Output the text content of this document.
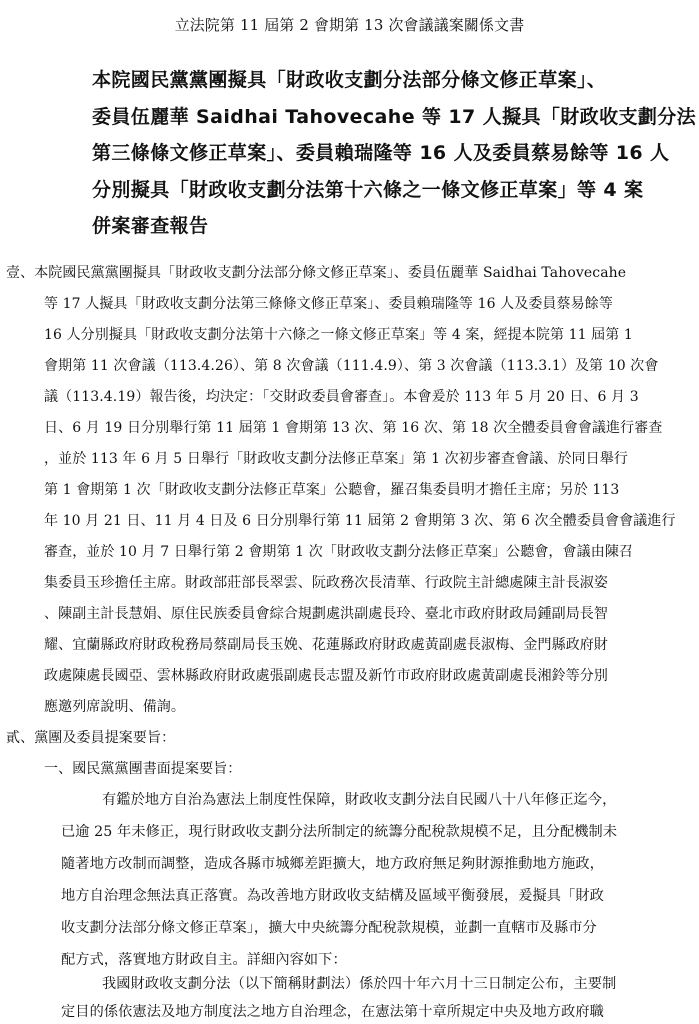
立法院第 11 屆第 2 會期第 13 次會議議案關係文書
本院國民黨黨團擬具「財政收支劃分法部分條文修正草案」、
委員伍麗華 Saidhai Tahovecahe 等 17 人擬具「財政收支劃分法
第三條條文修正草案」、委員賴瑞隆等 16 人及委員蔡易餘等 16 人
分別擬具「財政收支劃分法第十六條之一條文修正草案」等 4 案
併案審查報告
壹、本院國民黨黨團擬具「財政收支劃分法部分條文修正草案」、委員伍麗華 Saidhai Tahovecahe
等 17 人擬具「財政收支劃分法第三條條文修正草案」、委員賴瑞隆等 16 人及委員蔡易餘等
16 人分別擬具「財政收支劃分法第十六條之一條文修正草案」等 4 案，經提本院第 11 屆第 1
會期第 11 次會議（113.4.26）、第 8 次會議（111.4.9）、第 3 次會議（113.3.1）及第 10 次會
議（113.4.19）報告後，均決定：「交財政委員會審查」。本會爰於 113 年 5 月 20 日、6 月 3
日、6 月 19 日分別舉行第 11 屆第 1 會期第 13 次、第 16 次、第 18 次全體委員會會議進行審查
，並於 113 年 6 月 5 日舉行「財政收支劃分法修正草案」第 1 次初步審查會議、於同日舉行
第 1 會期第 1 次「財政收支劃分法修正草案」公聽會，羅召集委員明才擔任主席；另於 113
年 10 月 21 日、11 月 4 日及 6 日分別舉行第 11 屆第 2 會期第 3 次、第 6 次全體委員會會議進行
審查，並於 10 月 7 日舉行第 2 會期第 1 次「財政收支劃分法修正草案」公聽會，會議由陳召
集委員玉珍擔任主席。財政部莊部長翠雲、阮政務次長清華、行政院主計總處陳主計長淑姿
、陳副主計長慧娟、原住民族委員會綜合規劃處洪副處長玲、臺北市政府財政局鍾副局長智
耀、宜蘭縣政府財政稅務局蔡副局長玉娩、花蓮縣政府財政處黃副處長淑梅、金門縣政府財
政處陳處長國亞、雲林縣政府財政處張副處長志盟及新竹市政府財政處黃副處長湘鈴等分別
應邀列席說明、備詢。
貳、黨團及委員提案要旨：
一、國民黨黨團書面提案要旨：
有鑑於地方自治為憲法上制度性保障，財政收支劃分法自民國八十八年修正迄今，
已逾 25 年未修正，現行財政收支劃分法所制定的統籌分配稅款規模不足，且分配機制未
隨著地方改制而調整，造成各縣市城鄉差距擴大，地方政府無足夠財源推動地方施政，
地方自治理念無法真正落實。為改善地方財政收支結構及區域平衡發展，爰擬具「財政
收支劃分法部分條文修正草案」，擴大中央統籌分配稅款規模，並劃一直轄市及縣市分
配方式，落實地方財政自主。詳細內容如下：
我國財政收支劃分法（以下簡稱財劃法）係於四十年六月十三日制定公布，主要制
定目的係依憲法及地方制度法之地方自治理念，在憲法第十章所規定中央及地方政府職
